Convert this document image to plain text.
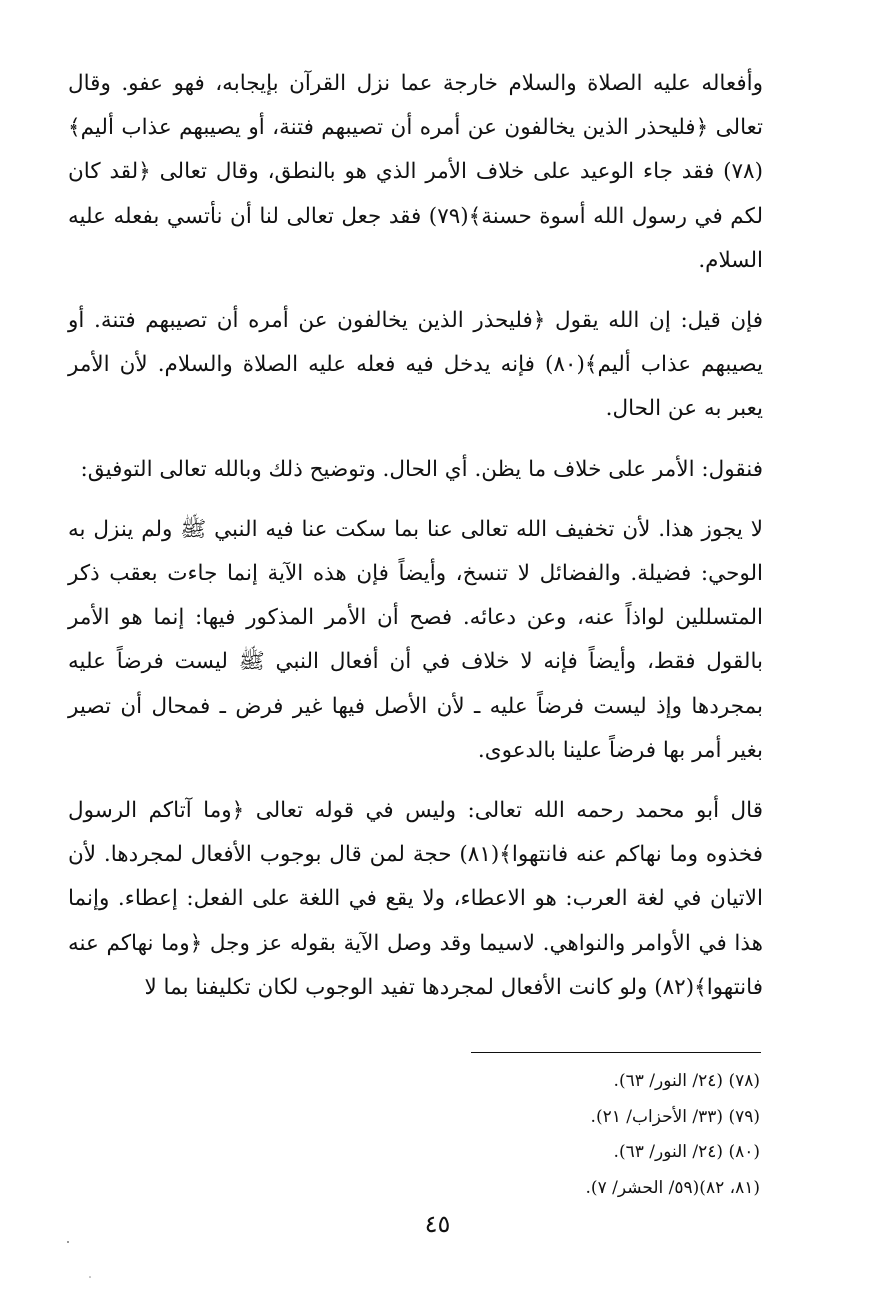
وأفعاله عليه الصلاة والسلام خارجة عما نزل القرآن بإيجابه، فهو عفو. وقال تعالى ﴿فليحذر الذين يخالفون عن أمره أن تصيبهم فتنة، أو يصيبهم عذاب أليم﴾(٧٨) فقد جاء الوعيد على خلاف الأمر الذي هو بالنطق، وقال تعالى ﴿لقد كان لكم في رسول الله أسوة حسنة﴾(٧٩) فقد جعل تعالى لنا أن نأتسي بفعله عليه السلام.

فإن قيل: إن الله يقول ﴿فليحذر الذين يخالفون عن أمره أن تصيبهم فتنة. أو يصيبهم عذاب أليم﴾(٨٠) فإنه يدخل فيه فعله عليه الصلاة والسلام. لأن الأمر يعبر به عن الحال.

فنقول: الأمر على خلاف ما يظن. أي الحال. وتوضيح ذلك وبالله تعالى التوفيق:

لا يجوز هذا. لأن تخفيف الله تعالى عنا بما سكت عنا فيه النبي ﷺ ولم ينزل به الوحي: فضيلة. والفضائل لا تنسخ، وأيضاً فإن هذه الآية إنما جاءت بعقب ذكر المتسللين لواذاً عنه، وعن دعائه. فصح أن الأمر المذكور فيها: إنما هو الأمر بالقول فقط، وأيضاً فإنه لا خلاف في أن أفعال النبي ﷺ ليست فرضاً عليه بمجردها وإذ ليست فرضاً عليه ـ لأن الأصل فيها غير فرض ـ فمحال أن تصير بغير أمر بها فرضاً علينا بالدعوى.

قال أبو محمد رحمه الله تعالى: وليس في قوله تعالى ﴿وما آتاكم الرسول فخذوه وما نهاكم عنه فانتهوا﴾(٨١) حجة لمن قال بوجوب الأفعال لمجردها. لأن الاتيان في لغة العرب: هو الاعطاء، ولا يقع في اللغة على الفعل: إعطاء. وإنما هذا في الأوامر والنواهي. لاسيما وقد وصل الآية بقوله عز وجل ﴿وما نهاكم عنه فانتهوا﴾(٨٢) ولو كانت الأفعال لمجردها تفيد الوجوب لكان تكليفنا بما لا

(٧٨) (٢٤/ النور/ ٦٣).
(٧٩) (٣٣/ الأحزاب/ ٢١).
(٨٠) (٢٤/ النور/ ٦٣).
(٨١، ٨٢)(٥٩/ الحشر/ ٧).
٤٥
